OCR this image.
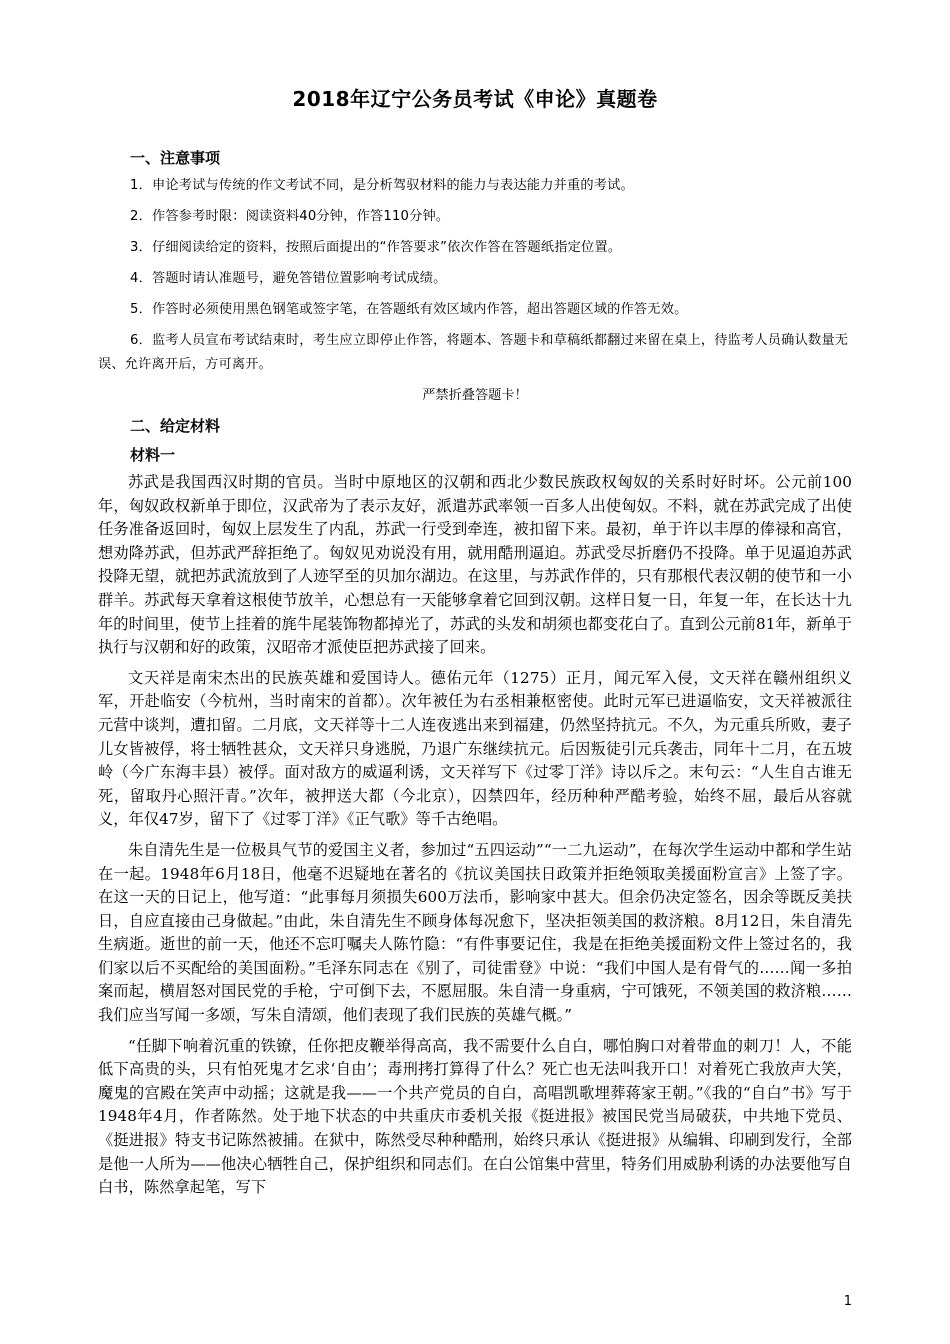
2018年辽宁公务员考试《申论》真题卷
一、注意事项

1．申论考试与传统的作文考试不同，是分析驾驭材料的能力与表达能力并重的考试。

2．作答参考时限：阅读资料40分钟，作答110分钟。

3．仔细阅读给定的资料，按照后面提出的“作答要求”依次作答在答题纸指定位置。

4．答题时请认准题号，避免答错位置影响考试成绩。

5．作答时必须使用黑色钢笔或签字笔，在答题纸有效区域内作答，超出答题区域的作答无效。

6．监考人员宣布考试结束时，考生应立即停止作答，将题本、答题卡和草稿纸都翻过来留在桌上，待监考人员确认数量无误、允许离开后，方可离开。

严禁折叠答题卡！

二、给定材料
材料一

苏武是我国西汉时期的官员。当时中原地区的汉朝和西北少数民族政权匈奴的关系时好时坏。公元前100年，匈奴政权新单于即位，汉武帝为了表示友好，派遣苏武率领一百多人出使匈奴。不料，就在苏武完成了出使任务准备返回时，匈奴上层发生了内乱，苏武一行受到牵连，被扣留下来。最初，单于许以丰厚的俸禄和高官，想劝降苏武，但苏武严辞拒绝了。匈奴见劝说没有用，就用酷刑逼迫。苏武受尽折磨仍不投降。单于见逼迫苏武投降无望，就把苏武流放到了人迹罕至的贝加尔湖边。在这里，与苏武作伴的，只有那根代表汉朝的使节和一小群羊。苏武每天拿着这根使节放羊，心想总有一天能够拿着它回到汉朝。这样日复一日，年复一年，在长达十九年的时间里，使节上挂着的旄牛尾装饰物都掉光了，苏武的头发和胡须也都变花白了。直到公元前81年，新单于执行与汉朝和好的政策，汉昭帝才派使臣把苏武接了回来。

文天祥是南宋杰出的民族英雄和爱国诗人。德佑元年（1275）正月，闻元军入侵，文天祥在赣州组织义军，开赴临安（今杭州，当时南宋的首都）。次年被任为右丞相兼枢密使。此时元军已进逼临安，文天祥被派往元营中谈判，遭扣留。二月底，文天祥等十二人连夜逃出来到福建，仍然坚持抗元。不久，为元重兵所败，妻子儿女皆被俘，将士牺牲甚众，文天祥只身逃脱，乃退广东继续抗元。后因叛徒引元兵袭击，同年十二月，在五坡岭（今广东海丰县）被俘。面对敌方的威逼利诱，文天祥写下《过零丁洋》诗以斥之。末句云：“人生自古谁无死，留取丹心照汗青。”次年，被押送大都（今北京），囚禁四年，经历种种严酷考验，始终不屈，最后从容就义，年仅47岁，留下了《过零丁洋》《正气歌》等千古绝唱。

朱自清先生是一位极具气节的爱国主义者，参加过“五四运动”“一二九运动”，在每次学生运动中都和学生站在一起。1948年6月18日，他毫不迟疑地在著名的《抗议美国扶日政策并拒绝领取美援面粉宣言》上签了字。在这一天的日记上，他写道：“此事每月须损失600万法币，影响家中甚大。但余仍决定签名，因余等既反美扶日，自应直接由己身做起。”由此，朱自清先生不顾身体每况愈下，坚决拒领美国的救济粮。8月12日，朱自清先生病逝。逝世的前一天，他还不忘叮嘱夫人陈竹隐：“有件事要记住，我是在拒绝美援面粉文件上签过名的，我们家以后不买配给的美国面粉。”毛泽东同志在《别了，司徒雷登》中说：“我们中国人是有骨气的……闻一多拍案而起，横眉怒对国民党的手枪，宁可倒下去，不愿屈服。朱自清一身重病，宁可饿死，不领美国的救济粮……我们应当写闻一多颂，写朱自清颂，他们表现了我们民族的英雄气概。”

“任脚下响着沉重的铁镣，任你把皮鞭举得高高，我不需要什么自白，哪怕胸口对着带血的刺刀！人，不能低下高贵的头，只有怕死鬼才乞求‘自由’；毒刑拷打算得了什么？死亡也无法叫我开口！对着死亡我放声大笑，魔鬼的宫殿在笑声中动摇；这就是我——一个共产党员的自白，高唱凯歌埋葬蒋家王朝。”《我的“自白”书》写于1948年4月，作者陈然。处于地下状态的中共重庆市委机关报《挺进报》被国民党当局破获，中共地下党员、《挺进报》特支书记陈然被捕。在狱中，陈然受尽种种酷刑，始终只承认《挺进报》从编辑、印刷到发行，全部是他一人所为——他决心牺牲自己，保护组织和同志们。在白公馆集中营里，特务们用威胁利诱的办法要他写自白书，陈然拿起笔，写下

1
